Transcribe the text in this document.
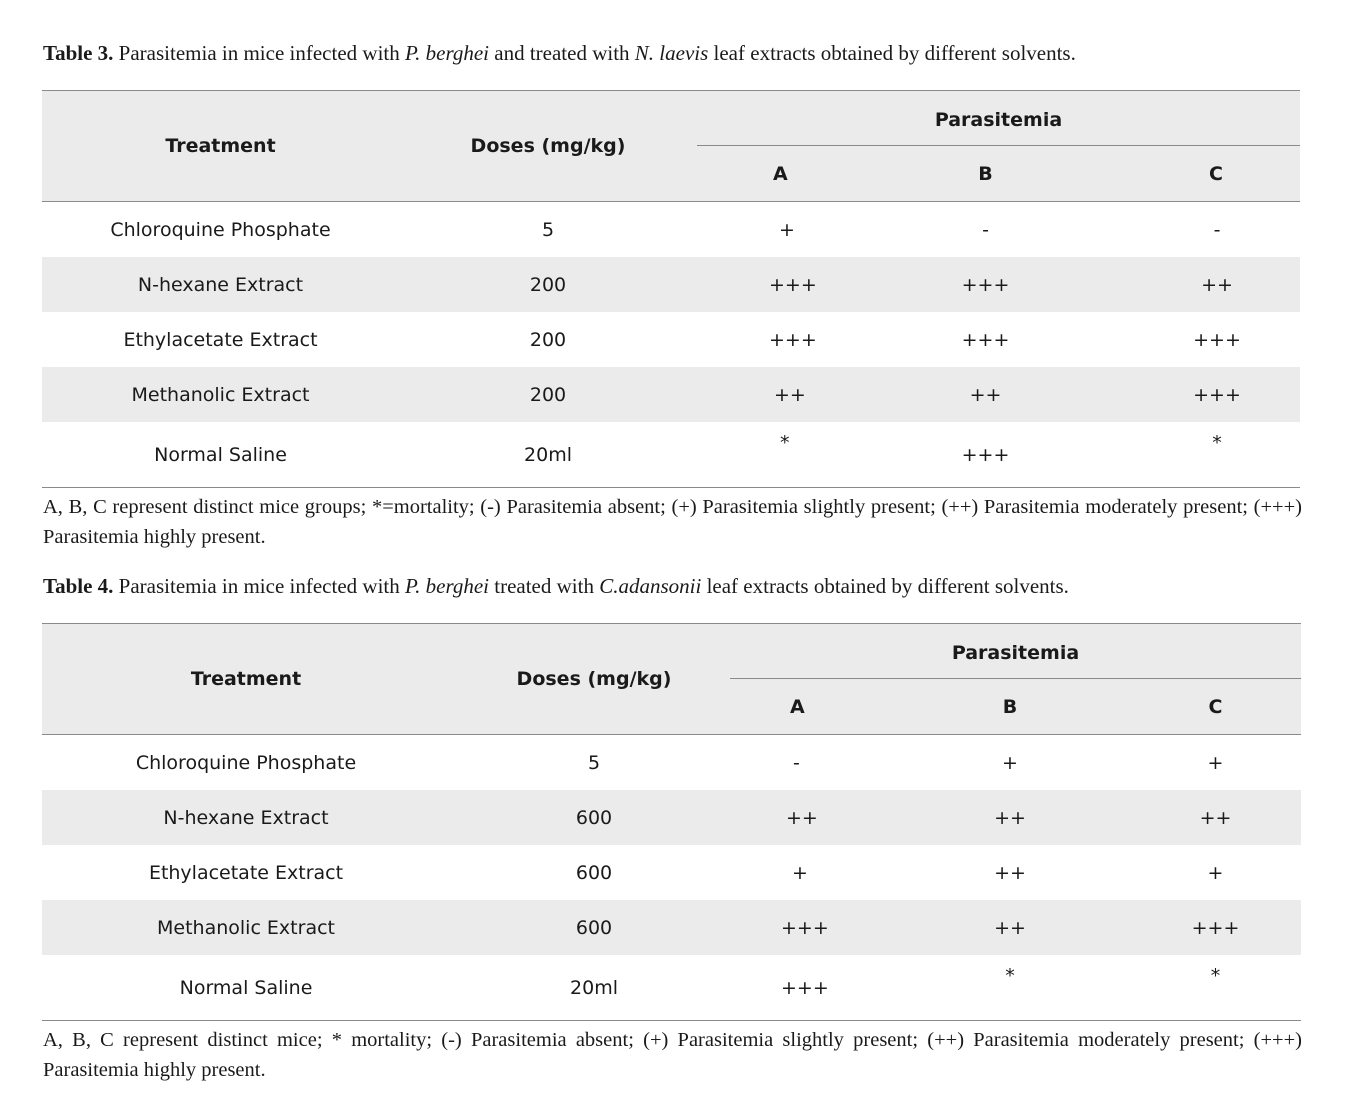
Table 3. Parasitemia in mice infected with P. berghei and treated with N. laevis leaf extracts obtained by different solvents.
Treatment	Doses (mg/kg)	Parasitemia		

		A	B	C
Chloroquine Phosphate	5	+	-	-
N-hexane Extract	200	+++	+++	++
Ethylacetate Extract	200	+++	+++	+++
Methanolic Extract	200	++	++	+++
Normal Saline	20ml	*	+++	*
A, B, C represent distinct mice groups; *=mortality; (-) Parasitemia absent; (+) Parasitemia slightly present; (++) Parasitemia moderately present; (+++) Parasitemia highly present.
Table 4. Parasitemia in mice infected with P. berghei treated with C.adansonii leaf extracts obtained by different solvents.
Treatment	Doses (mg/kg)	Parasitemia		

		A	B	C
Chloroquine Phosphate	5	-	+	+
N-hexane Extract	600	++	++	++
Ethylacetate Extract	600	+	++	+
Methanolic Extract	600	+++	++	+++
Normal Saline	20ml	+++	*	*
A, B, C represent distinct mice; * mortality; (-) Parasitemia absent; (+) Parasitemia slightly present; (++) Parasitemia moderately present; (+++) Parasitemia highly present.
